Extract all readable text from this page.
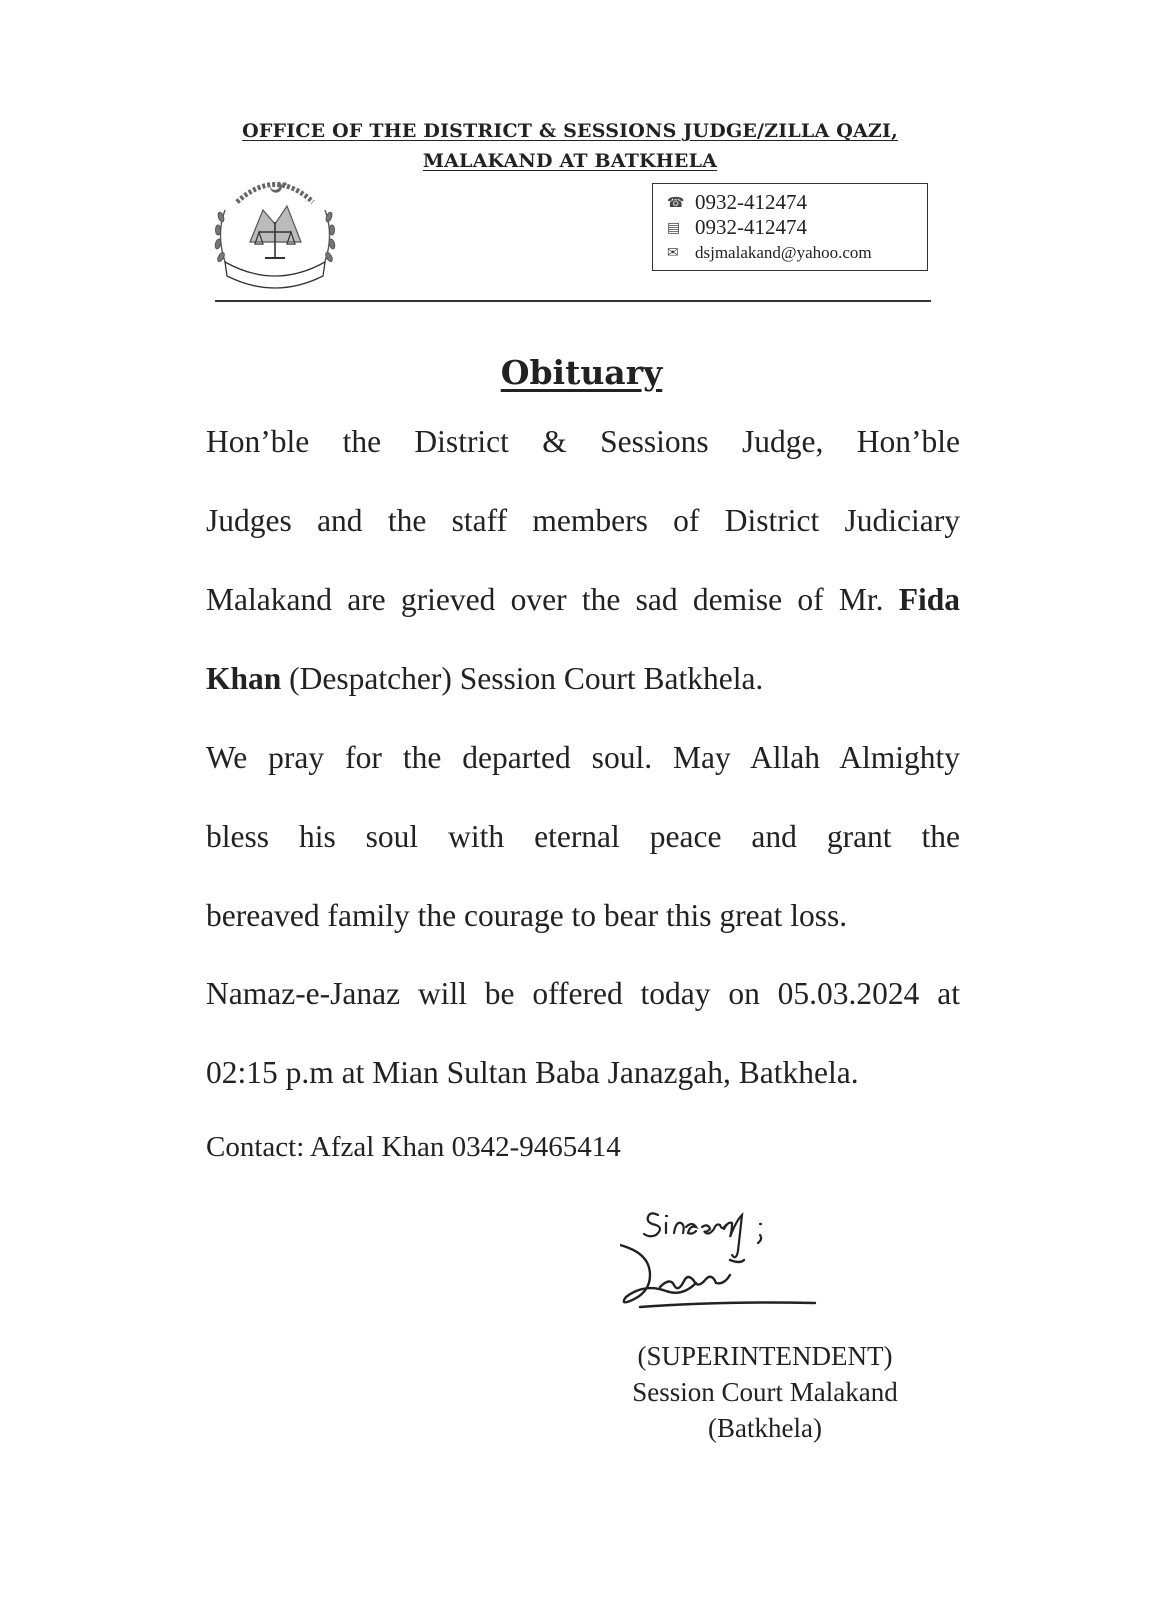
OFFICE OF THE DISTRICT & SESSIONS JUDGE/ZILLA QAZI,
MALAKAND AT BATKHELA
☎ 0932-412474
▤ 0932-412474
✉ dsjmalakand@yahoo.com
Obituary
Hon’ble the District & Sessions Judge, Hon’ble
Judges and the staff members of District Judiciary
Malakand are grieved over the sad demise of Mr. Fida
Khan (Despatcher) Session Court Batkhela.
We pray for the departed soul. May Allah Almighty
bless his soul with eternal peace and grant the
bereaved family the courage to bear this great loss.
Namaz-e-Janaz will be offered today on 05.03.2024 at
02:15 p.m at Mian Sultan Baba Janazgah, Batkhela.
Contact: Afzal Khan 0342-9465414
(SUPERINTENDENT)
Session Court Malakand
(Batkhela)
